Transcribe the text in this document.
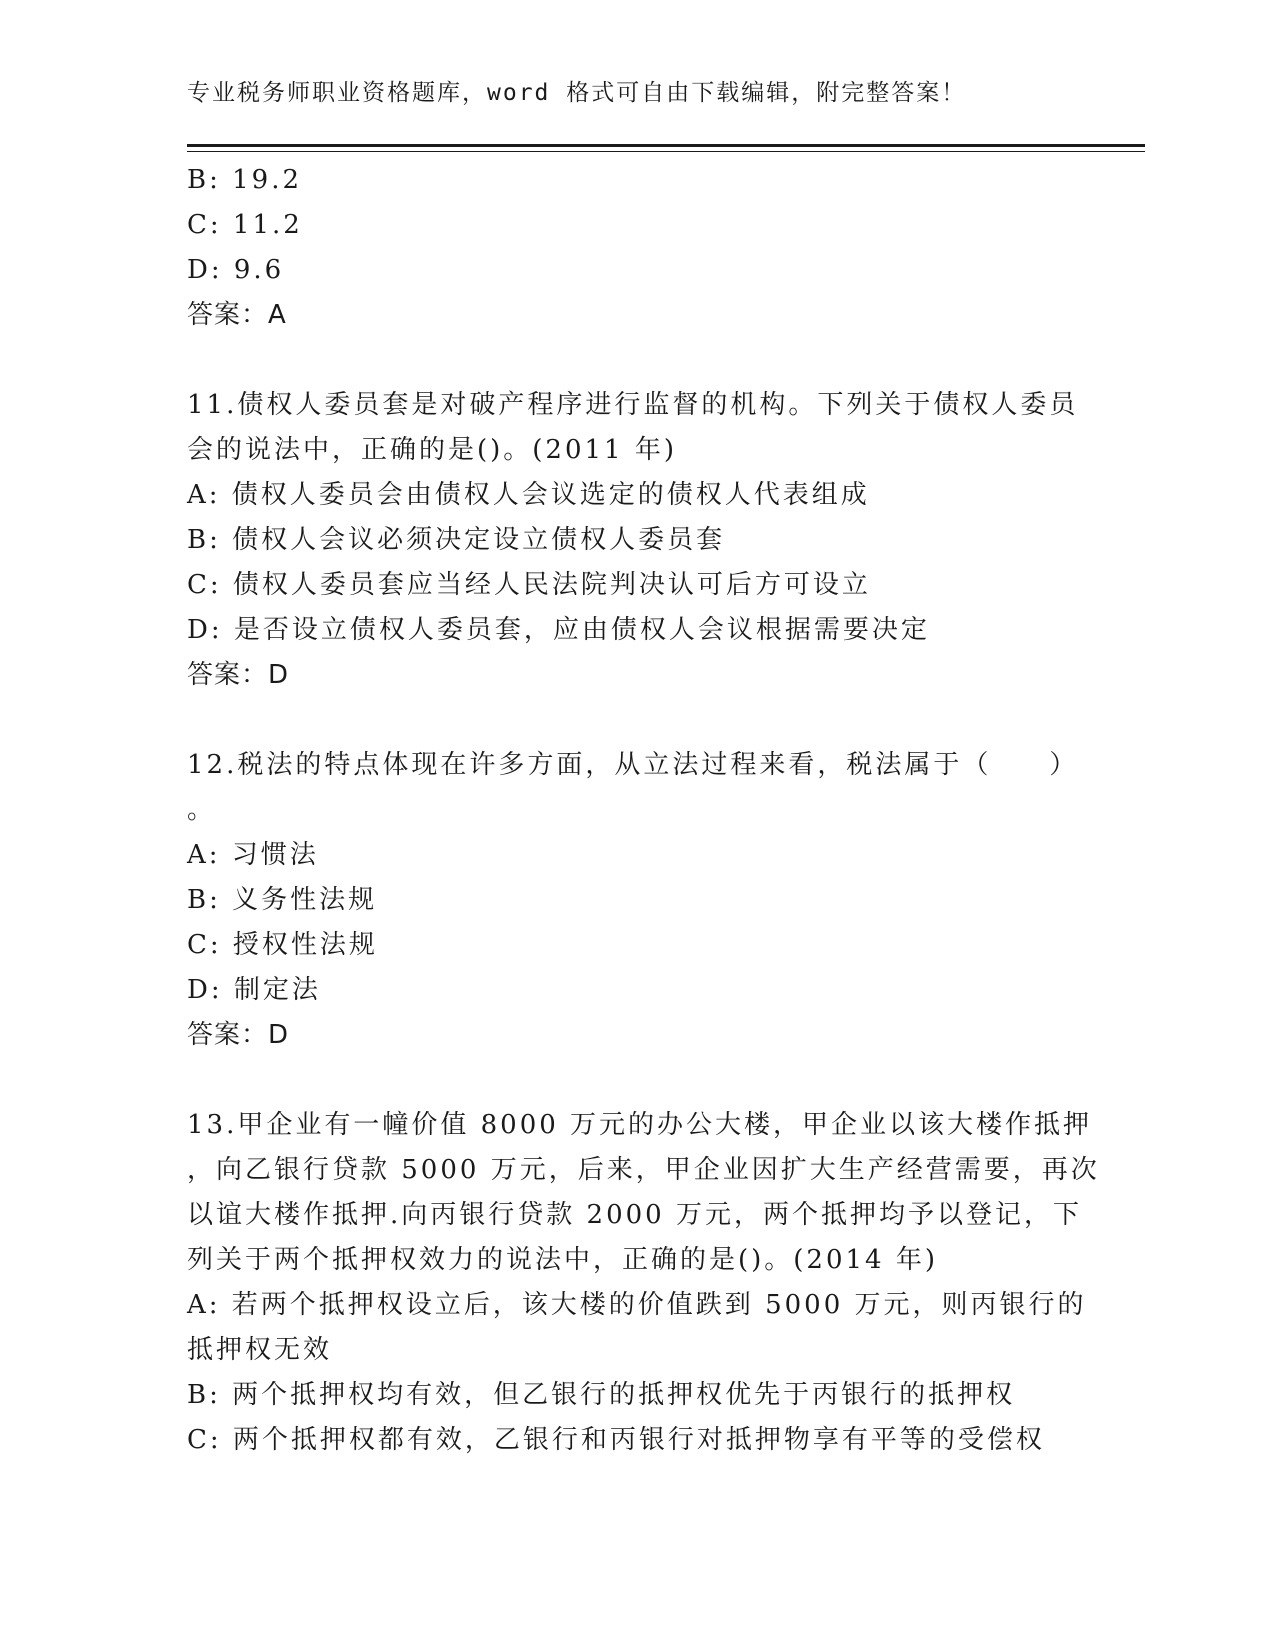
专业税务师职业资格题库，word 格式可自由下载编辑，附完整答案！
B: 19.2
C: 11.2
D: 9.6
答案：A
11.债权人委员套是对破产程序进行监督的机构。下列关于债权人委员
会的说法中，正确的是()。(2011 年)
A: 债权人委员会由债权人会议选定的债权人代表组成
B: 债权人会议必须决定设立债权人委员套
C: 债权人委员套应当经人民法院判决认可后方可设立
D: 是否设立债权人委员套，应由债权人会议根据需要决定
答案：D
12.税法的特点体现在许多方面，从立法过程来看，税法属于（　　）
。
A: 习惯法
B: 义务性法规
C: 授权性法规
D: 制定法
答案：D
13.甲企业有一幢价值 8000 万元的办公大楼，甲企业以该大楼作抵押
，向乙银行贷款 5000 万元，后来，甲企业因扩大生产经营需要，再次
以谊大楼作抵押.向丙银行贷款 2000 万元，两个抵押均予以登记，下
列关于两个抵押权效力的说法中，正确的是()。(2014 年)
A: 若两个抵押权设立后，该大楼的价值跌到 5000 万元，则丙银行的
抵押权无效
B: 两个抵押权均有效，但乙银行的抵押权优先于丙银行的抵押权
C: 两个抵押权都有效，乙银行和丙银行对抵押物享有平等的受偿权
